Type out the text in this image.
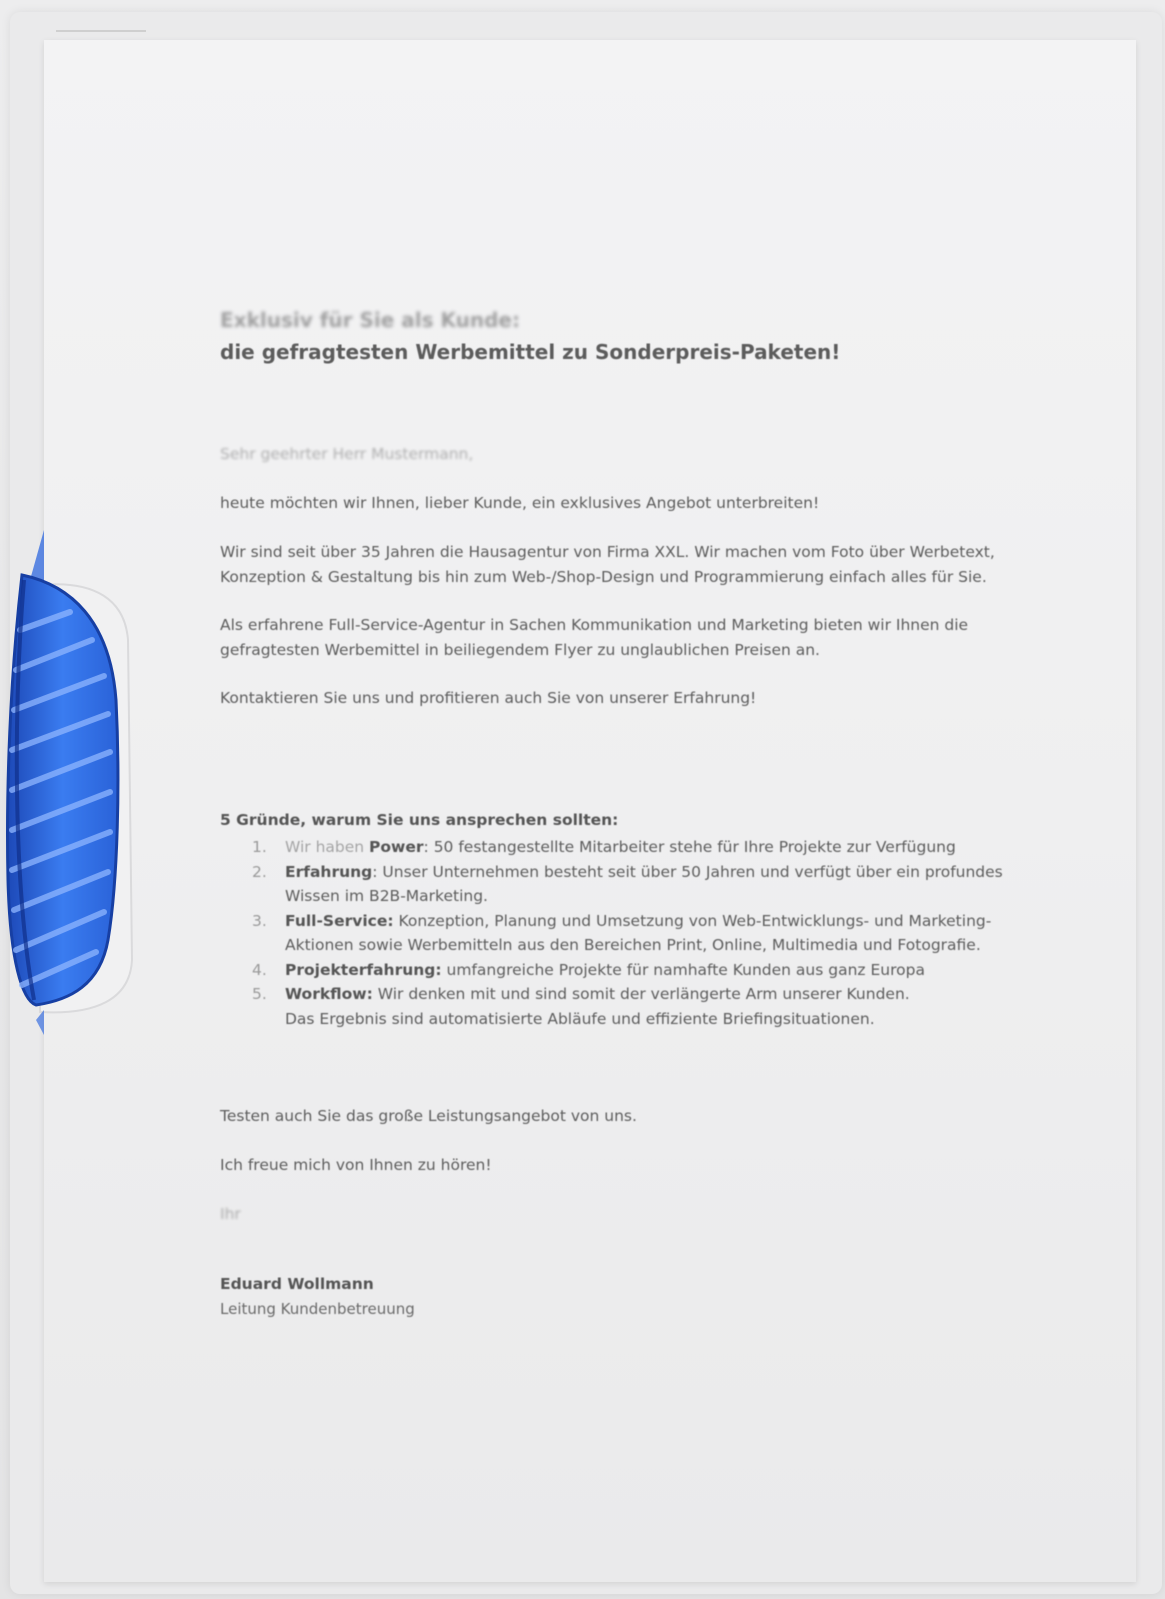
Exklusiv für Sie als Kunde:
die gefragtesten Werbemittel zu Sonderpreis-Paketen!
Sehr geehrter Herr Mustermann,
heute möchten wir Ihnen, lieber Kunde, ein exklusives Angebot unterbreiten!
Wir sind seit über 35 Jahren die Hausagentur von Firma XXL. Wir machen vom Foto über Werbetext,
Konzeption & Gestaltung bis hin zum Web-/Shop-Design und Programmierung einfach alles für Sie.
Als erfahrene Full-Service-Agentur in Sachen Kommunikation und Marketing bieten wir Ihnen die
gefragtesten Werbemittel in beiliegendem Flyer zu unglaublichen Preisen an.
Kontaktieren Sie uns und profitieren auch Sie von unserer Erfahrung!
5 Gründe, warum Sie uns ansprechen sollten:
1. Wir haben Power: 50 festangestellte Mitarbeiter stehe für Ihre Projekte zur Verfügung
2. Erfahrung: Unser Unternehmen besteht seit über 50 Jahren und verfügt über ein profundes
Wissen im B2B-Marketing.
3. Full-Service: Konzeption, Planung und Umsetzung von Web-Entwicklungs- und Marketing-
Aktionen sowie Werbemitteln aus den Bereichen Print, Online, Multimedia und Fotografie.
4. Projekterfahrung: umfangreiche Projekte für namhafte Kunden aus ganz Europa
5. Workflow: Wir denken mit und sind somit der verlängerte Arm unserer Kunden.
Das Ergebnis sind automatisierte Abläufe und effiziente Briefingsituationen.
Testen auch Sie das große Leistungsangebot von uns.
Ich freue mich von Ihnen zu hören!
Ihr
Eduard Wollmann
Leitung Kundenbetreuung
